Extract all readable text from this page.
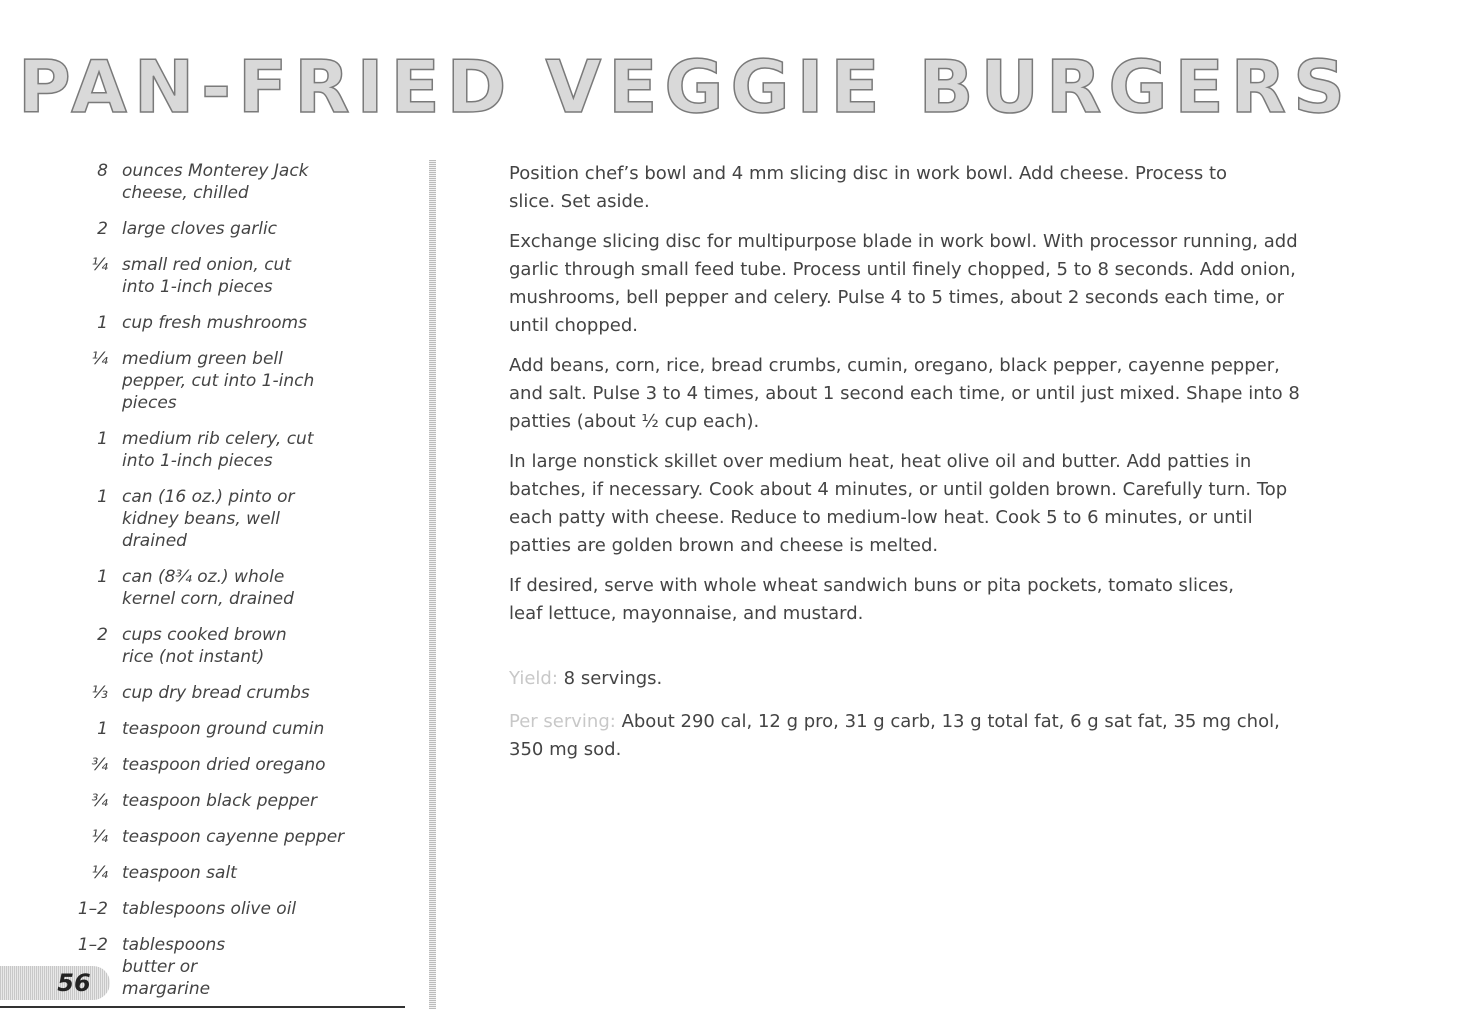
PAN-FRIED VEGGIE BURGERS
8 ounces Monterey Jack cheese, chilled
2 large cloves garlic
¼ small red onion, cut into 1-inch pieces
1 cup fresh mushrooms
¼ medium green bell pepper, cut into 1-inch pieces
1 medium rib celery, cut into 1-inch pieces
1 can (16 oz.) pinto or kidney beans, well drained
1 can (8¾ oz.) whole kernel corn, drained
2 cups cooked brown rice (not instant)
⅓ cup dry bread crumbs
1 teaspoon ground cumin
¾ teaspoon dried oregano
¾ teaspoon black pepper
¼ teaspoon cayenne pepper
¼ teaspoon salt
1–2 tablespoons olive oil
1–2 tablespoons butter or margarine

Position chef’s bowl and 4 mm slicing disc in work bowl. Add cheese. Process to slice. Set aside.

Exchange slicing disc for multipurpose blade in work bowl. With processor running, add garlic through small feed tube. Process until finely chopped, 5 to 8 seconds. Add onion, mushrooms, bell pepper and celery. Pulse 4 to 5 times, about 2 seconds each time, or until chopped.

Add beans, corn, rice, bread crumbs, cumin, oregano, black pepper, cayenne pepper, and salt. Pulse 3 to 4 times, about 1 second each time, or until just mixed. Shape into 8 patties (about ½ cup each).

In large nonstick skillet over medium heat, heat olive oil and butter. Add patties in batches, if necessary. Cook about 4 minutes, or until golden brown. Carefully turn. Top each patty with cheese. Reduce to medium-low heat. Cook 5 to 6 minutes, or until patties are golden brown and cheese is melted.

If desired, serve with whole wheat sandwich buns or pita pockets, tomato slices, leaf lettuce, mayonnaise, and mustard.

Yield: 8 servings.
Per serving: About 290 cal, 12 g pro, 31 g carb, 13 g total fat, 6 g sat fat, 35 mg chol, 350 mg sod.
56
